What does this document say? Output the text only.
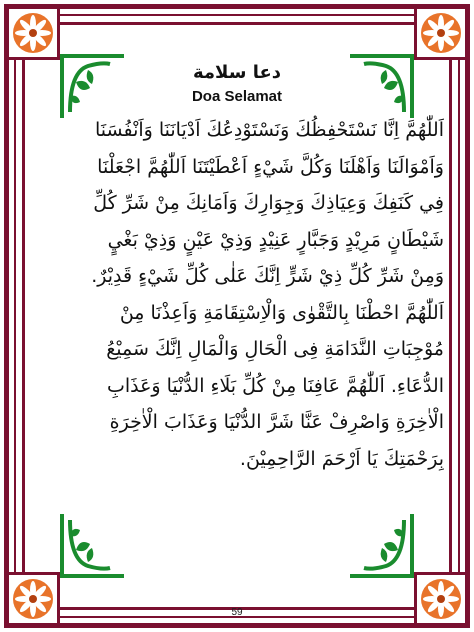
دعا سلامة
Doa Selamat
اَللّٰهُمَّ اِنَّا نَسْتَحْفِظُكَ وَنَسْتَوْدِعُكَ اَدْيَانَنَا وَاَنْفُسَنَا
وَاَمْوَالَنَا وَاَهْلَنَا وَكُلَّ شَيْءٍ اَعْطَيْتَنَا اَللّٰهُمَّ اجْعَلْنَا
فِي كَنَفِكَ وَعِيَاذِكَ وَجِوَارِكَ وَاَمَانِكَ مِنْ شَرِّ كُلِّ
شَيْطَانٍ مَرِيْدٍ وَجَبَّارٍ عَنِيْدٍ وَذِيْ عَيْنٍ وَذِيْ بَغْيٍ
وَمِنْ شَرِّ كُلِّ ذِيْ شَرٍّ اِنَّكَ عَلٰى كُلِّ شَيْءٍ قَدِيْرٌ.
اَللّٰهُمَّ احْطْنَا بِالتَّقْوٰى وَالْاِسْتِقَامَةِ وَاَعِذْنَا مِنْ
مُوْجِبَاتِ النَّدَامَةِ فِى الْحَالِ وَالْمَالِ اِنَّكَ سَمِيْعُ
الدُّعَاءِ. اَللّٰهُمَّ عَافِنَا مِنْ كُلِّ بَلَاءِ الدُّنْيَا وَعَذَابِ
الْاٰخِرَةِ وَاصْرِفْ عَنَّا شَرَّ الدُّنْيَا وَعَذَابَ الْاٰخِرَةِ
بِرَحْمَتِكَ يَا اَرْحَمَ الرَّاحِمِيْنَ.
59
